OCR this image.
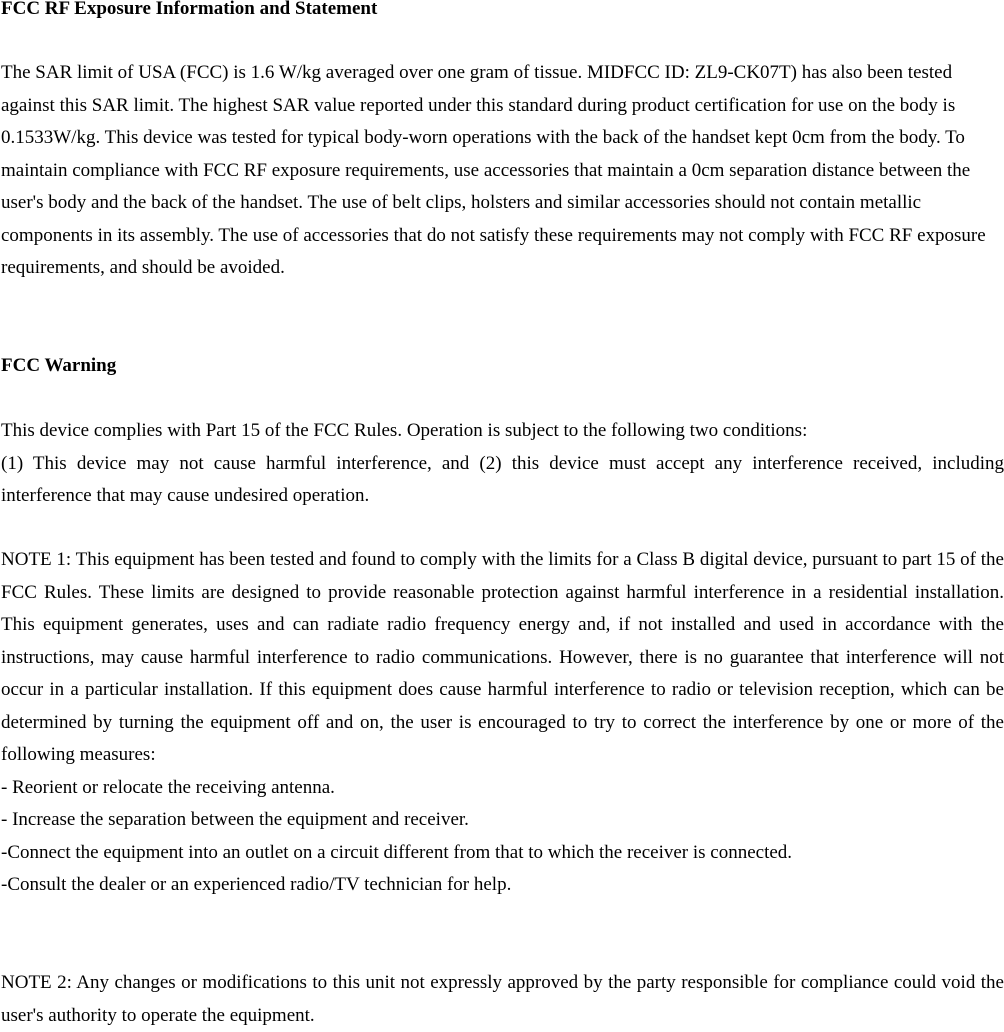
FCC RF Exposure Information and Statement

The SAR limit of USA (FCC) is 1.6 W/kg averaged over one gram of tissue. MIDFCC ID: ZL9-CK07T) has also been tested against this SAR limit. The highest SAR value reported under this standard during product certification for use on the body is 0.1533W/kg. This device was tested for typical body-worn operations with the back of the handset kept 0cm from the body. To maintain compliance with FCC RF exposure requirements, use accessories that maintain a 0cm separation distance between the user's body and the back of the handset. The use of belt clips, holsters and similar accessories should not contain metallic components in its assembly. The use of accessories that do not satisfy these requirements may not comply with FCC RF exposure requirements, and should be avoided.

FCC Warning

This device complies with Part 15 of the FCC Rules. Operation is subject to the following two conditions:
(1) This device may not cause harmful interference, and (2) this device must accept any interference received, including interference that may cause undesired operation.
NOTE 1: This equipment has been tested and found to comply with the limits for a Class B digital device, pursuant to part 15 of the FCC Rules. These limits are designed to provide reasonable protection against harmful interference in a residential installation. This equipment generates, uses and can radiate radio frequency energy and, if not installed and used in accordance with the instructions, may cause harmful interference to radio communications. However, there is no guarantee that interference will not occur in a particular installation. If this equipment does cause harmful interference to radio or television reception, which can be determined by turning the equipment off and on, the user is encouraged to try to correct the interference by one or more of the following measures:
- Reorient or relocate the receiving antenna.
- Increase the separation between the equipment and receiver.
-Connect the equipment into an outlet on a circuit different from that to which the receiver is connected.
-Consult the dealer or an experienced radio/TV technician for help.

NOTE 2: Any changes or modifications to this unit not expressly approved by the party responsible for compliance could void the user's authority to operate the equipment.
